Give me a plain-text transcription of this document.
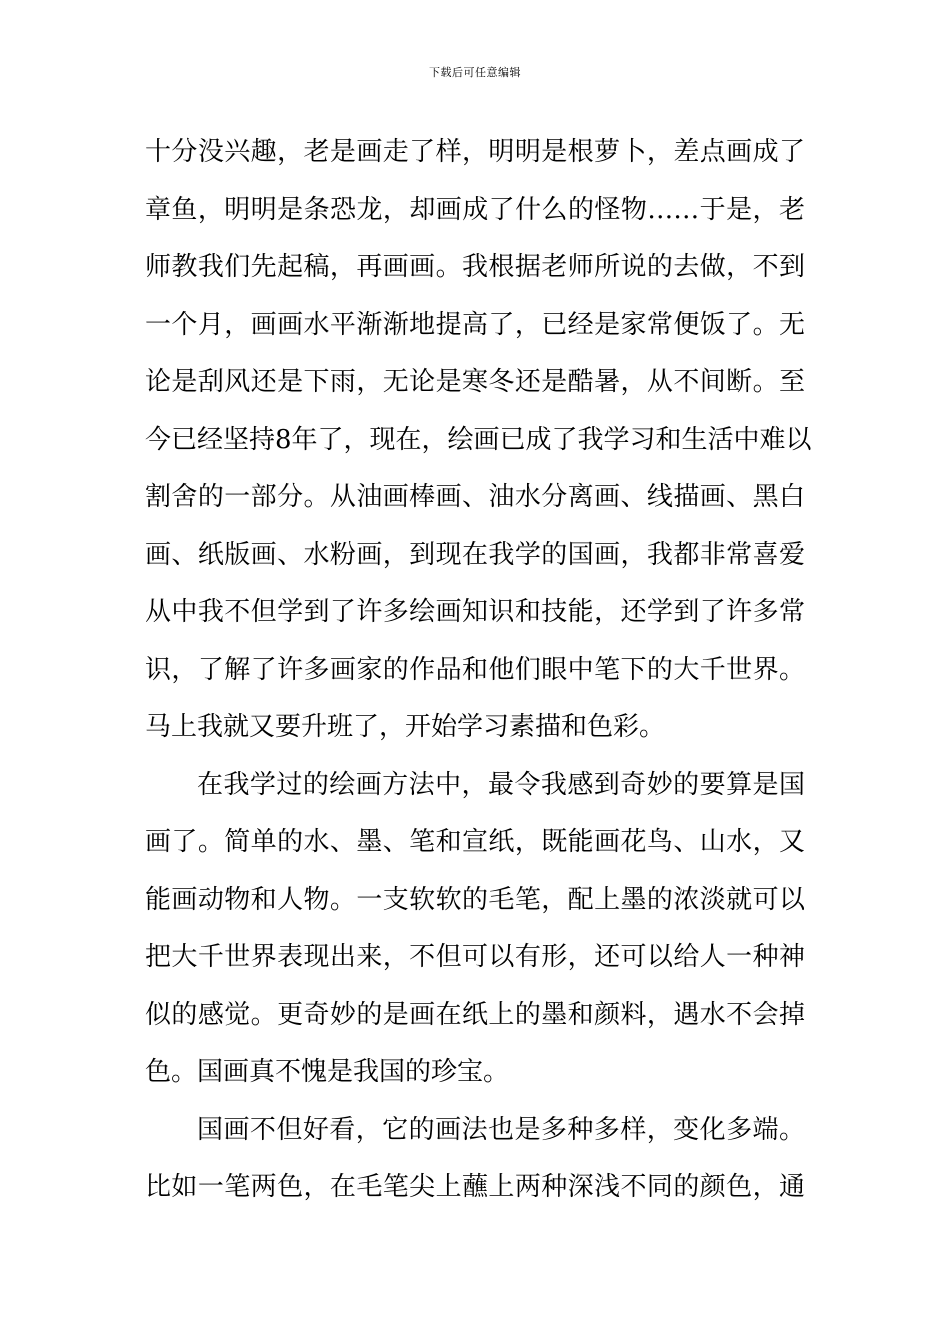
下载后可任意编辑
十分没兴趣，老是画走了样，明明是根萝卜，差点画成了
章鱼，明明是条恐龙，却画成了什么的怪物……于是，老
师教我们先起稿，再画画。我根据老师所说的去做，不到
一个月，画画水平渐渐地提高了，已经是家常便饭了。无
论是刮风还是下雨，无论是寒冬还是酷暑，从不间断。至
今已经坚持8年了，现在，绘画已成了我学习和生活中难以
割舍的一部分。从油画棒画、油水分离画、线描画、黑白
画、纸版画、水粉画，到现在我学的国画，我都非常喜爱
从中我不但学到了许多绘画知识和技能，还学到了许多常
识，了解了许多画家的作品和他们眼中笔下的大千世界。
马上我就又要升班了，开始学习素描和色彩。
在我学过的绘画方法中，最令我感到奇妙的要算是国
画了。简单的水、墨、笔和宣纸，既能画花鸟、山水，又
能画动物和人物。一支软软的毛笔，配上墨的浓淡就可以
把大千世界表现出来，不但可以有形，还可以给人一种神
似的感觉。更奇妙的是画在纸上的墨和颜料，遇水不会掉
色。国画真不愧是我国的珍宝。
国画不但好看，它的画法也是多种多样，变化多端。
比如一笔两色，在毛笔尖上蘸上两种深浅不同的颜色，通
